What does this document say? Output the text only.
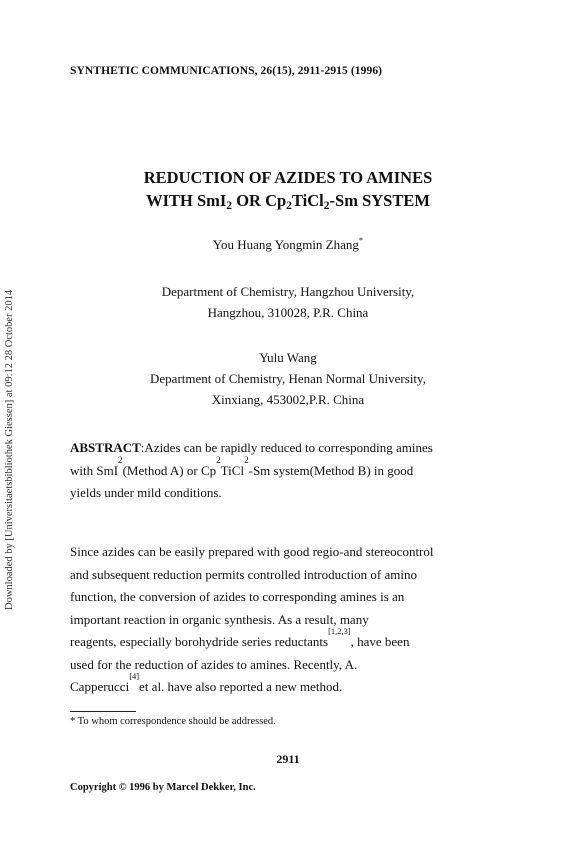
Downloaded by [Universitaetsbibliothek Giessen] at 09:12 28 October 2014
SYNTHETIC COMMUNICATIONS, 26(15), 2911-2915 (1996)
REDUCTION OF AZIDES TO AMINES
WITH SmI$_2$ OR $Cp_2TiCl_2-Sm$ SYSTEM
You Huang Yongmin Zhang*
Department of Chemistry, Hangzhou University,
Hangzhou, 310028, P.R. China
Yulu Wang
Department of Chemistry, Henan Normal University,
Xinxiang, 453002,P.R. China
ABSTRACT :Azides can be rapidly reduced to corresponding amines
with SmI
2
(Method A) or Cp
2
TiCl
2
-Sm system(Method B) in good
yields under mild conditions.
Since azides can be easily prepared with good regio-and stereocontrol
and subsequent reduction permits controlled introduction of amino
function, the conversion of azides to corresponding amines is an
important reaction in organic synthesis. As a result, many
reagents, especially borohydride series reductants
[1,2,3]
, have been
used for the reduction of azides to amines. Recently, A.
Capperucci
[4]
et al. have also reported a new method.
* To whom correspondence should be addressed.
2911
Copyright © 1996 by Marcel Dekker, Inc.
